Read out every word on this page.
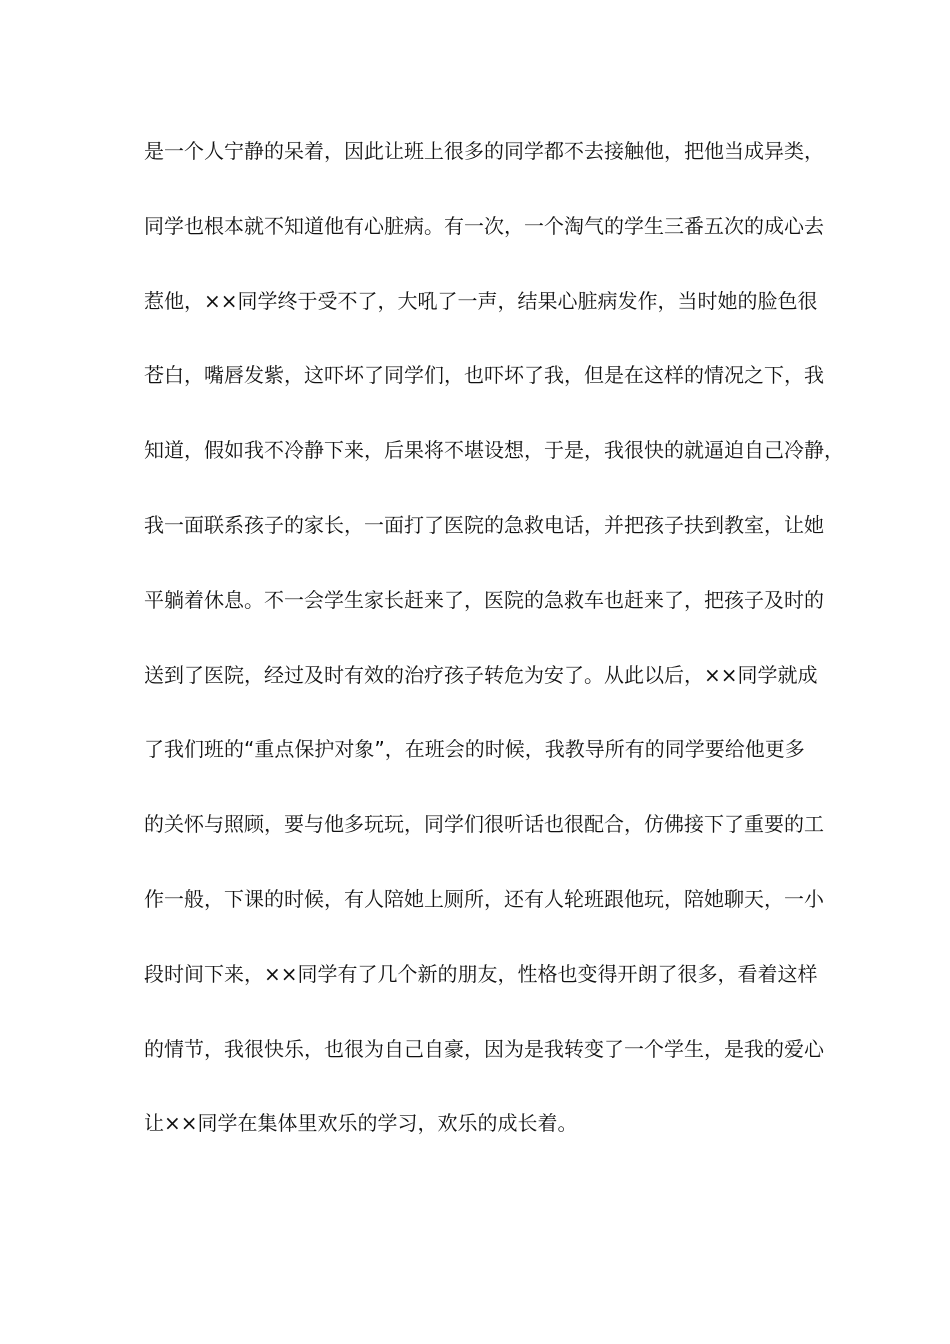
是一个人宁静的呆着，因此让班上很多的同学都不去接触他，把他当成异类，
同学也根本就不知道他有心脏病。有一次，一个淘气的学生三番五次的成心去
惹他，××同学终于受不了，大吼了一声，结果心脏病发作，当时她的脸色很
苍白，嘴唇发紫，这吓坏了同学们，也吓坏了我，但是在这样的情况之下，我
知道，假如我不冷静下来，后果将不堪设想，于是，我很快的就逼迫自己冷静，
我一面联系孩子的家长，一面打了医院的急救电话，并把孩子扶到教室，让她
平躺着休息。不一会学生家长赶来了，医院的急救车也赶来了，把孩子及时的
送到了医院，经过及时有效的治疗孩子转危为安了。从此以后，××同学就成
了我们班的“重点保护对象”，在班会的时候，我教导所有的同学要给他更多
的关怀与照顾，要与他多玩玩，同学们很听话也很配合，仿佛接下了重要的工
作一般，下课的时候，有人陪她上厕所，还有人轮班跟他玩，陪她聊天，一小
段时间下来，××同学有了几个新的朋友，性格也变得开朗了很多，看着这样
的情节，我很快乐，也很为自己自豪，因为是我转变了一个学生，是我的爱心
让××同学在集体里欢乐的学习，欢乐的成长着。
